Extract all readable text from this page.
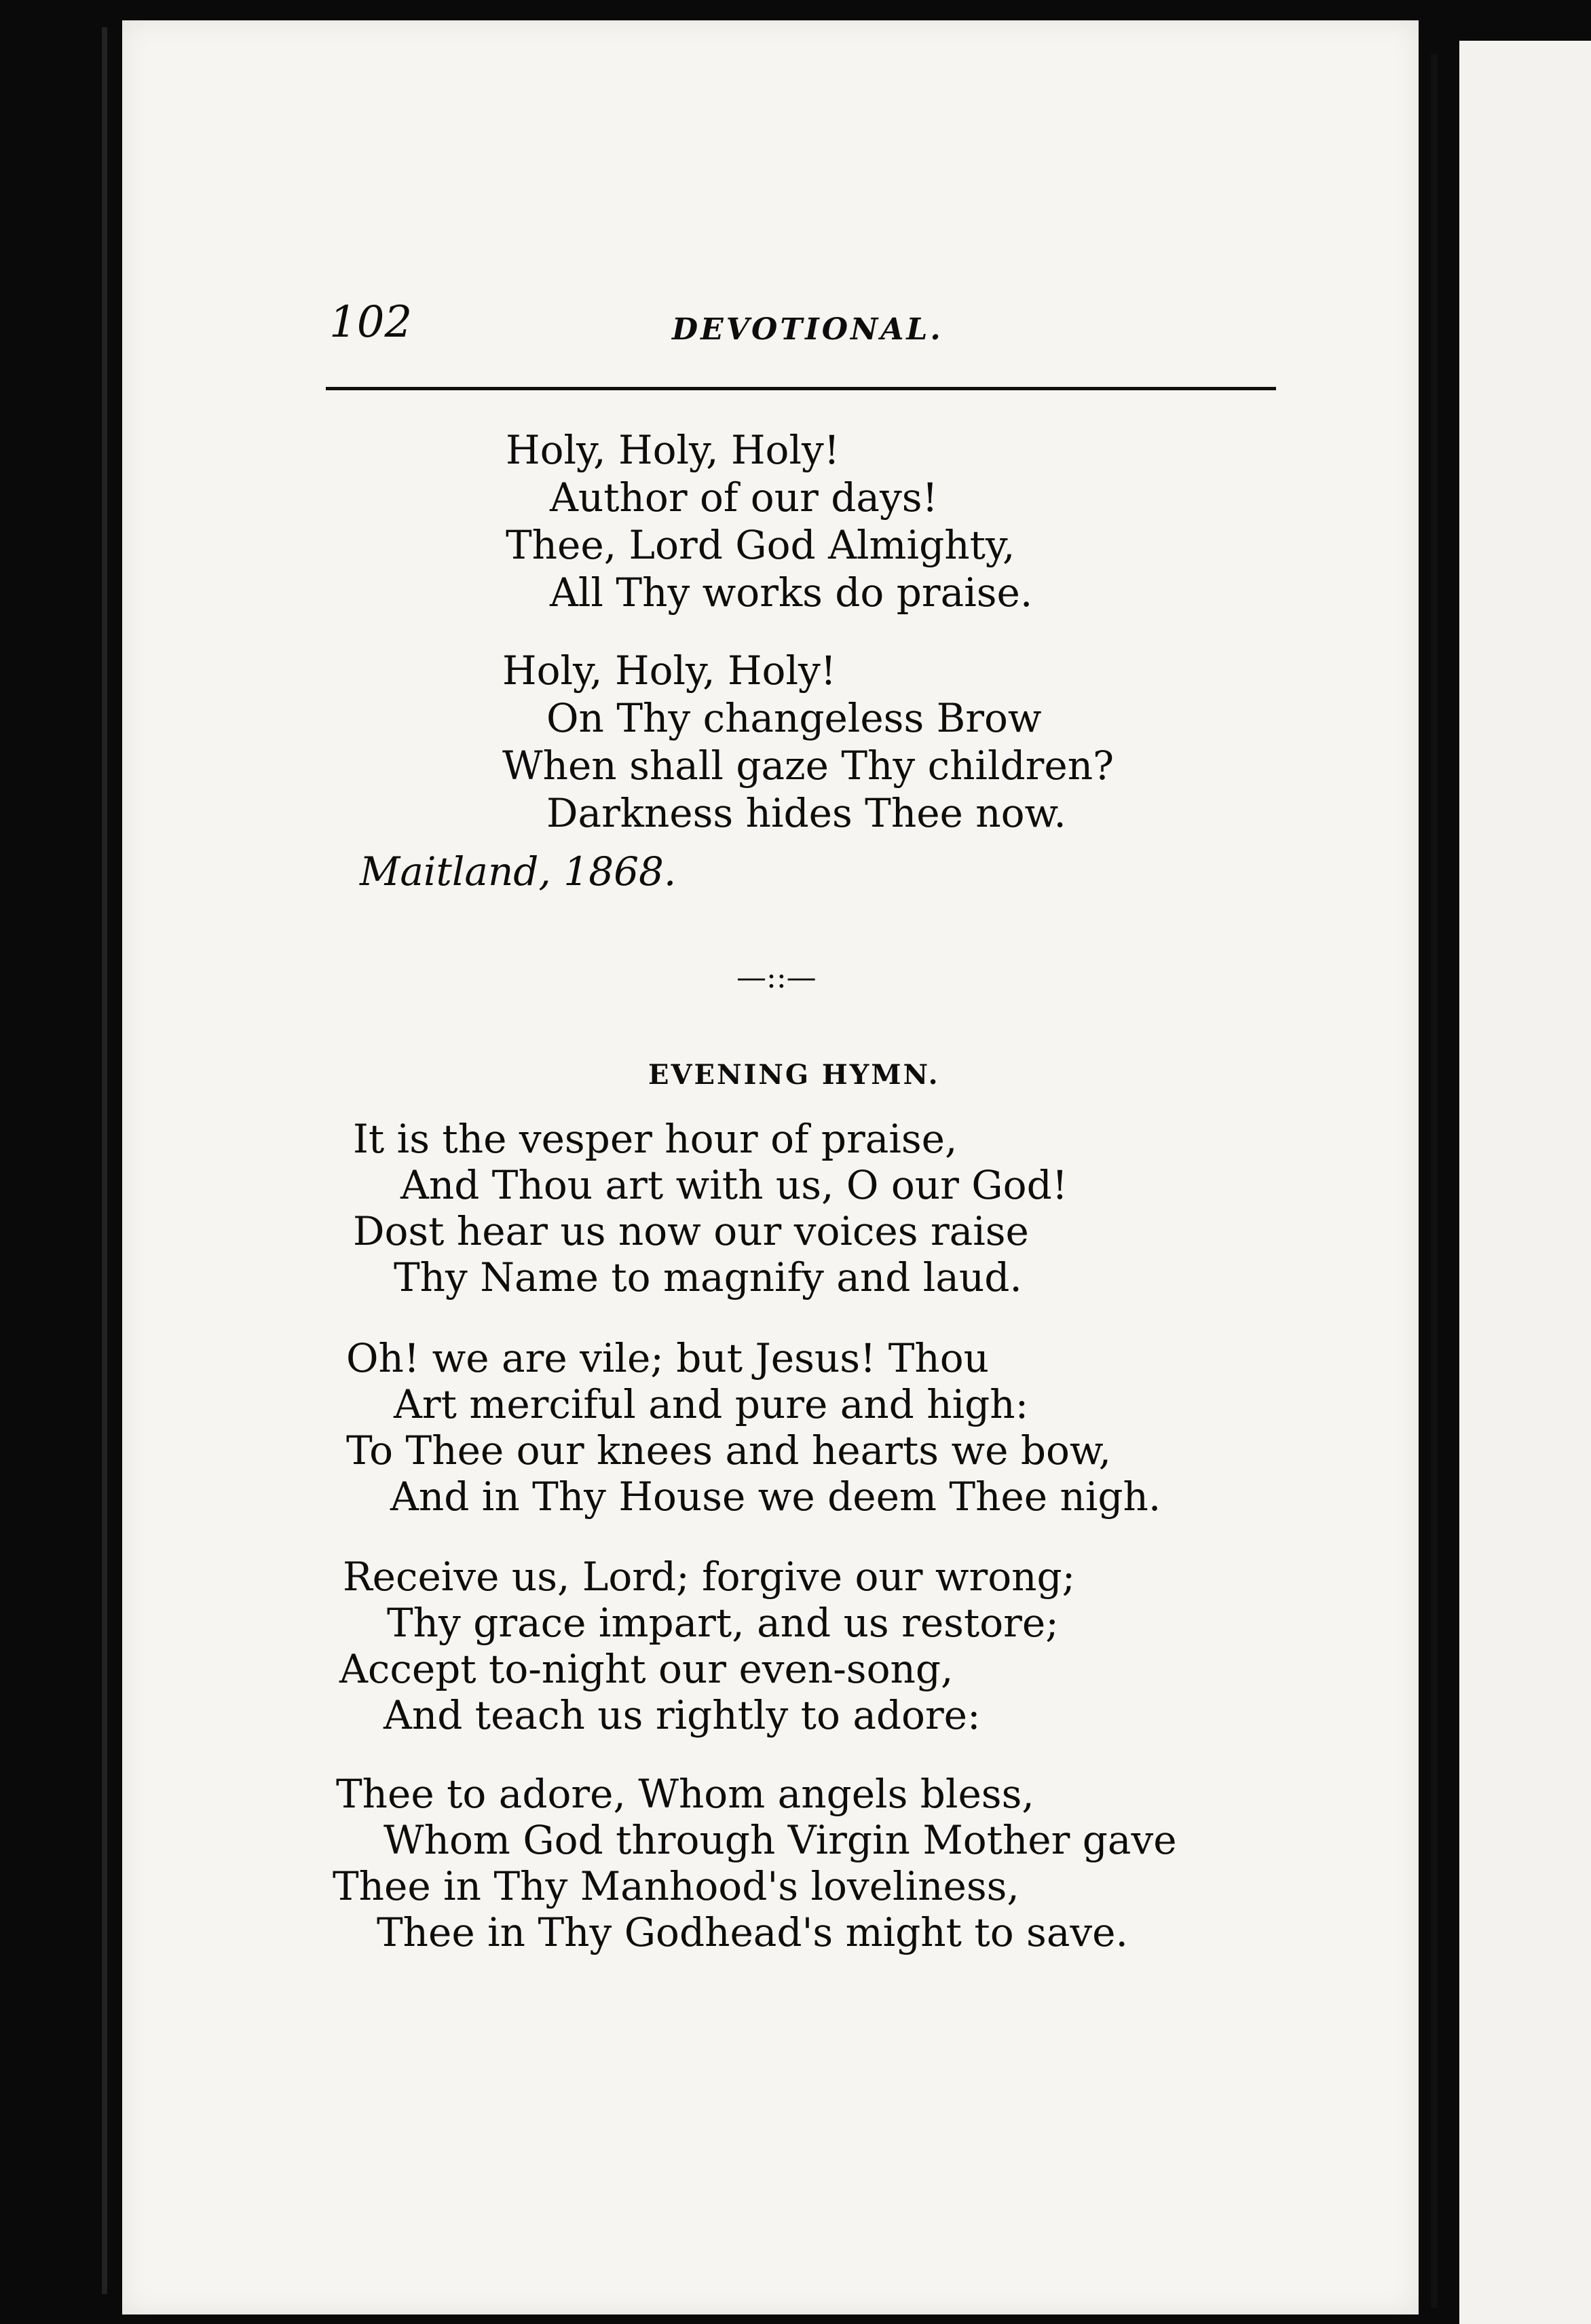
102	DEVOTIONAL.
Holy, Holy, Holy!
Author of our days!
Thee, Lord God Almighty,
All Thy works do praise.
Holy, Holy, Holy!
On Thy changeless Brow
When shall gaze Thy children?
Darkness hides Thee now.
Maitland, 1868.
—::—
EVENING HYMN.
It is the vesper hour of praise,
And Thou art with us, O our God!
Dost hear us now our voices raise
Thy Name to magnify and laud.
Oh! we are vile; but Jesus! Thou
Art merciful and pure and high:
To Thee our knees and hearts we bow,
And in Thy House we deem Thee nigh.
Receive us, Lord; forgive our wrong;
Thy grace impart, and us restore;
Accept to-night our even-song,
And teach us rightly to adore:
Thee to adore, Whom angels bless,
Whom God through Virgin Mother gave
Thee in Thy Manhood's loveliness,
Thee in Thy Godhead's might to save.
